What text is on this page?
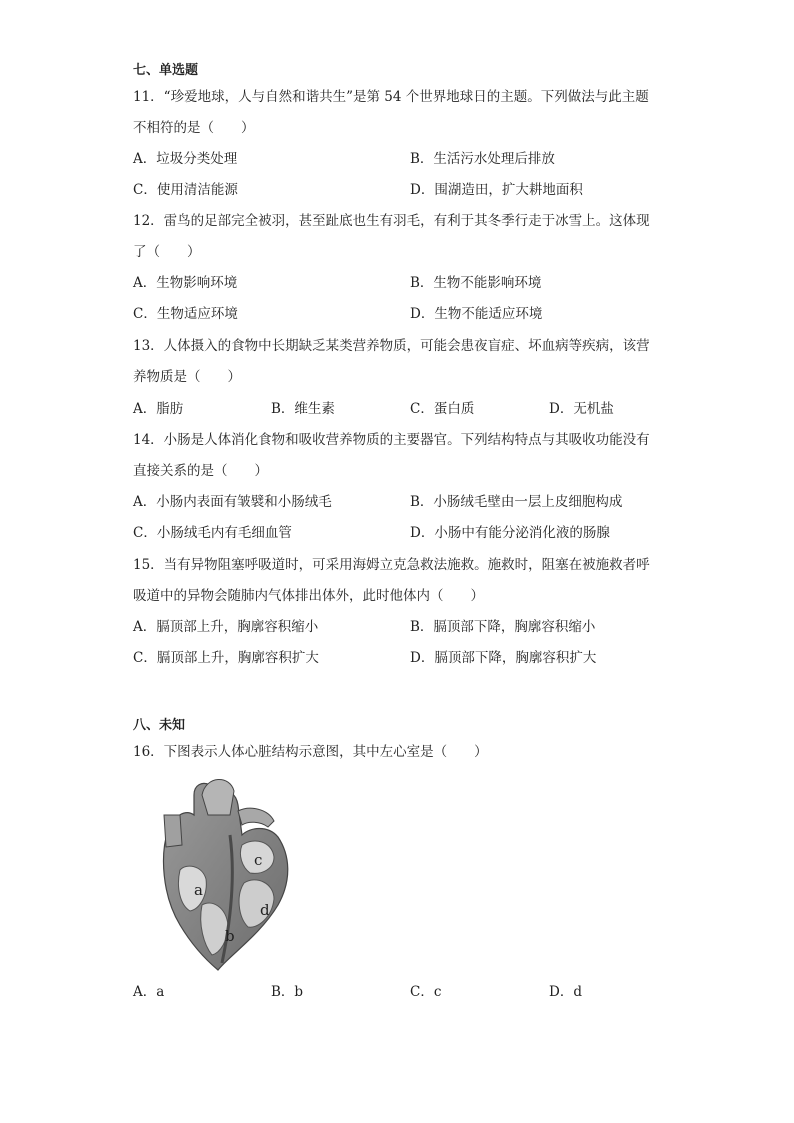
七、单选题
11．“珍爱地球，人与自然和谐共生”是第 54 个世界地球日的主题。下列做法与此主题
不相符的是（　　）
A．垃圾分类处理	B．生活污水处理后排放
C．使用清洁能源	D．围湖造田，扩大耕地面积
12．雷鸟的足部完全被羽，甚至趾底也生有羽毛，有利于其冬季行走于冰雪上。这体现
了（　　）
A．生物影响环境	B．生物不能影响环境
C．生物适应环境	D．生物不能适应环境
13．人体摄入的食物中长期缺乏某类营养物质，可能会患夜盲症、坏血病等疾病，该营
养物质是（　　）
A．脂肪	B．维生素	C．蛋白质	D．无机盐
14．小肠是人体消化食物和吸收营养物质的主要器官。下列结构特点与其吸收功能没有
直接关系的是（　　）
A．小肠内表面有皱襞和小肠绒毛	B．小肠绒毛壁由一层上皮细胞构成
C．小肠绒毛内有毛细血管	D．小肠中有能分泌消化液的肠腺
15．当有异物阻塞呼吸道时，可采用海姆立克急救法施救。施救时，阻塞在被施救者呼
吸道中的异物会随肺内气体排出体外，此时他体内（　　）
A．膈顶部上升，胸廓容积缩小	B．膈顶部下降，胸廓容积缩小
C．膈顶部上升，胸廓容积扩大	D．膈顶部下降，胸廓容积扩大
八、未知
16．下图表示人体心脏结构示意图，其中左心室是（　　）
a
b
c
d
A．a	B．b	C．c	D．d
